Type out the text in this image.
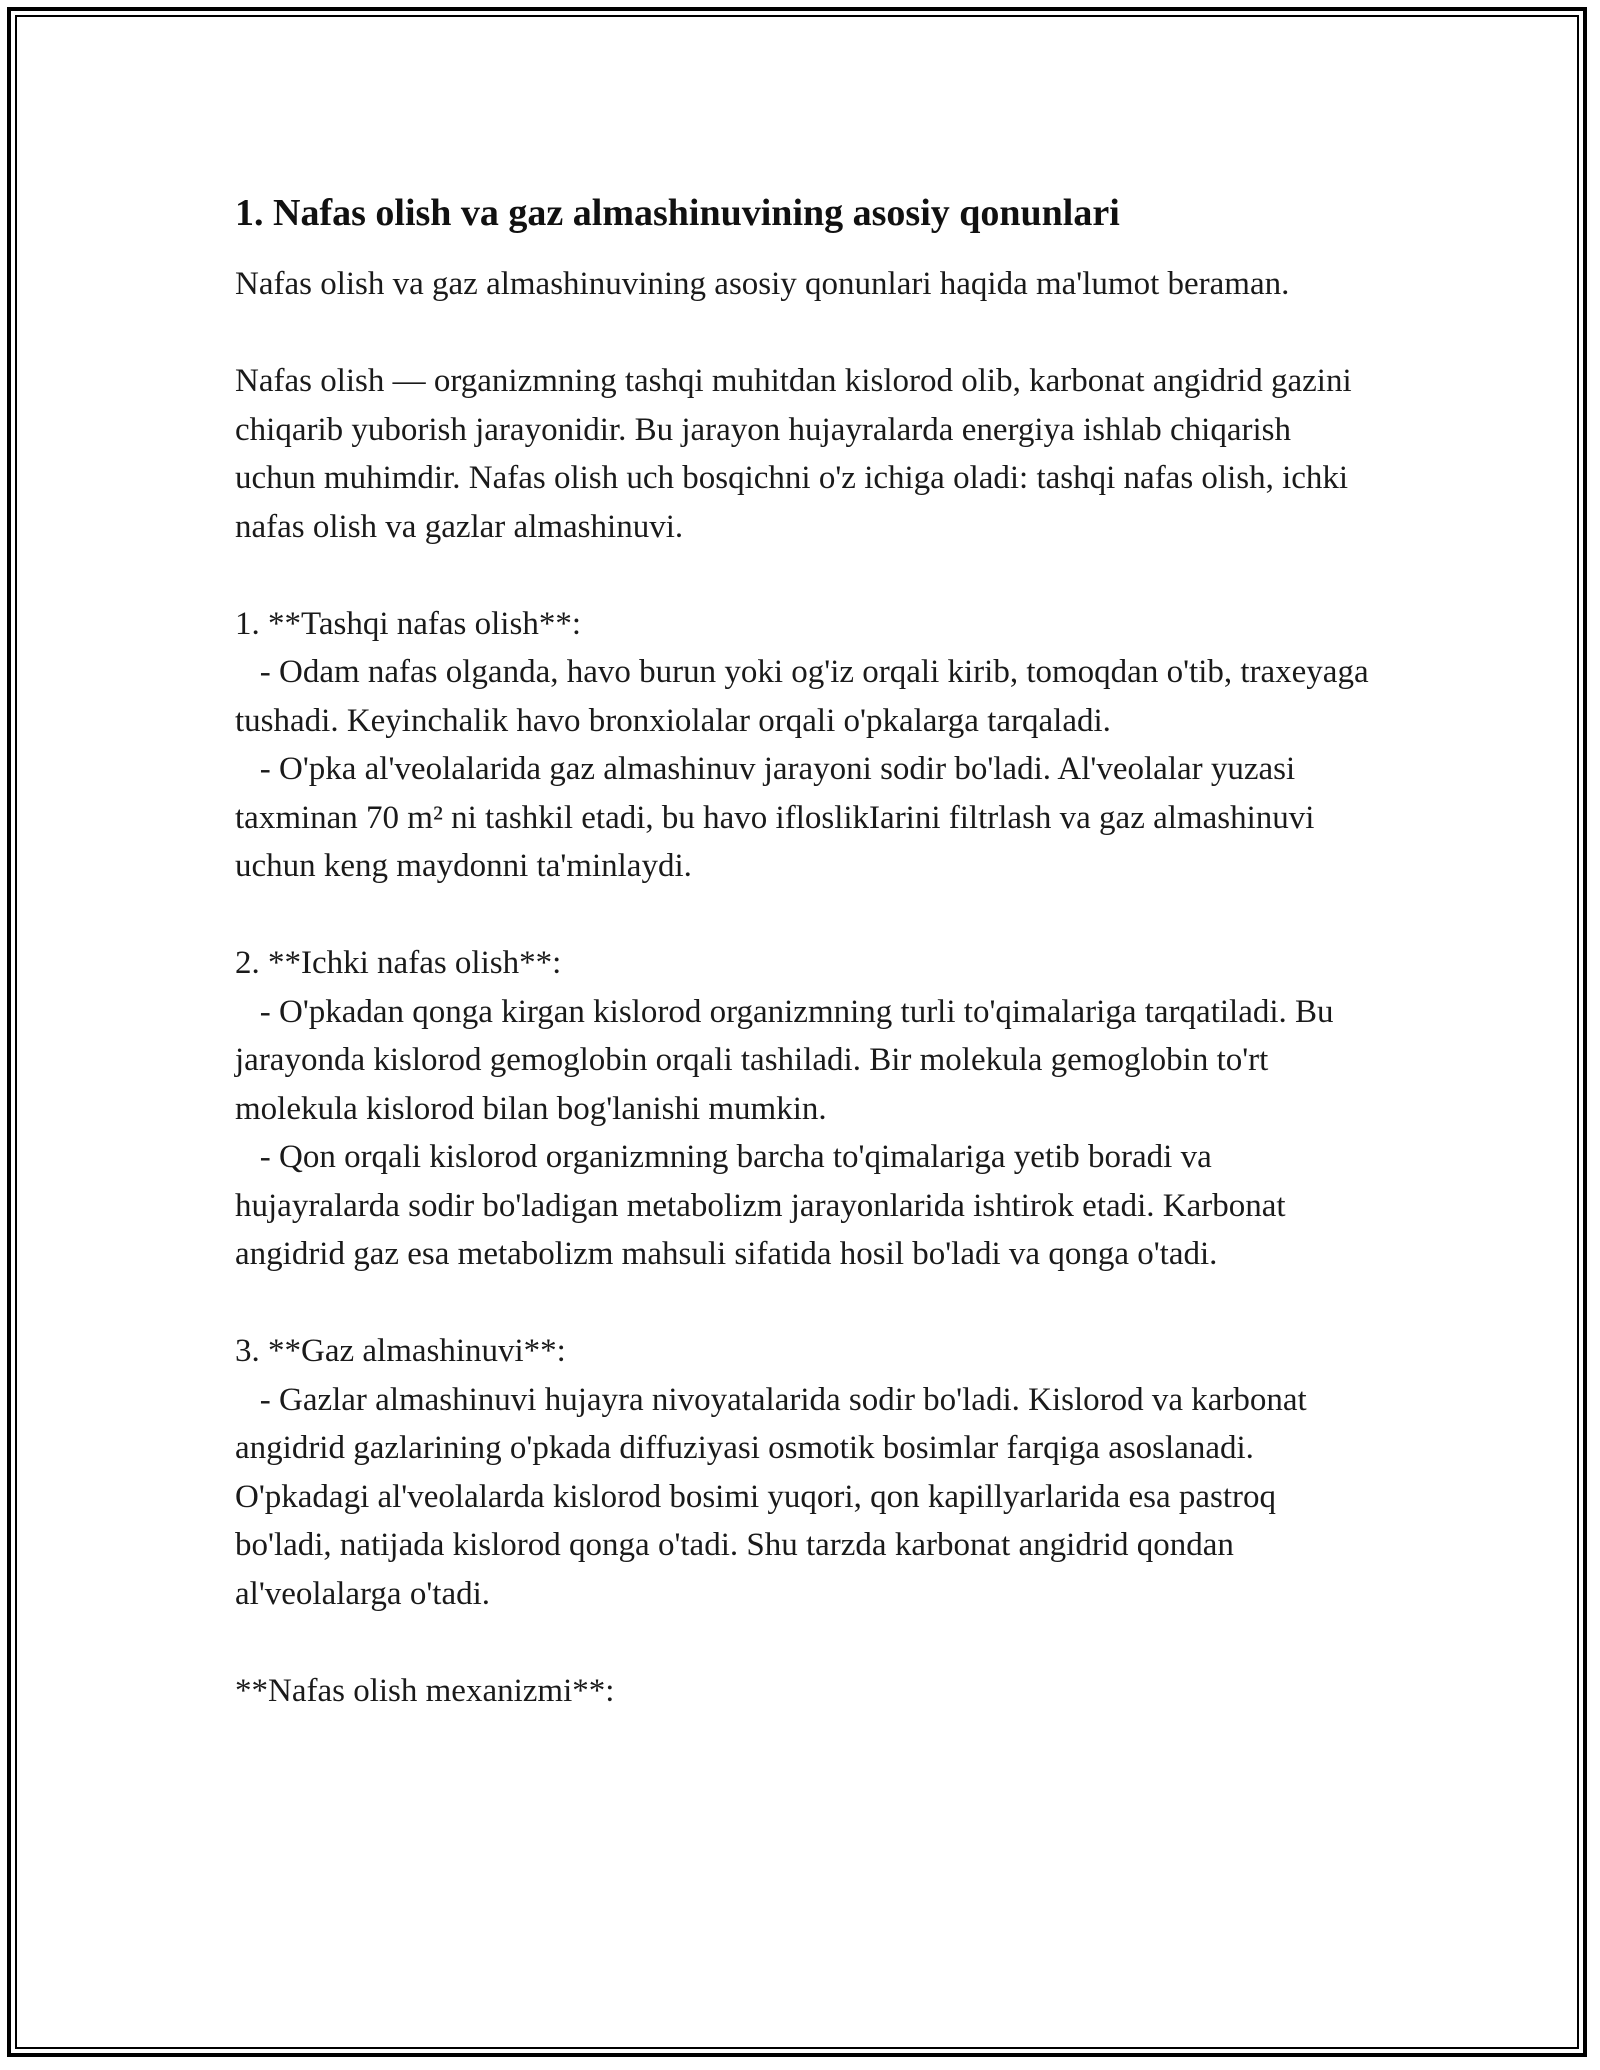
1. Nafas olish va gaz almashinuvining asosiy qonunlari

Nafas olish va gaz almashinuvining asosiy qonunlari haqida ma'lumot beraman.

Nafas olish — organizmning tashqi muhitdan kislorod olib, karbonat angidrid gazini chiqarib yuborish jarayonidir. Bu jarayon hujayralarda energiya ishlab chiqarish uchun muhimdir. Nafas olish uch bosqichni o'z ichiga oladi: tashqi nafas olish, ichki nafas olish va gazlar almashinuvi.

1. **Tashqi nafas olish**:

- Odam nafas olganda, havo burun yoki og'iz orqali kirib, tomoqdan o'tib, traxeyaga tushadi. Keyinchalik havo bronxiolalar orqali o'pkalarga tarqaladi.

- O'pka al'veolalarida gaz almashinuv jarayoni sodir bo'ladi. Al'veolalar yuzasi taxminan 70 m² ni tashkil etadi, bu havo ifloslikIarini filtrlash va gaz almashinuvi uchun keng maydonni ta'minlaydi.

2. **Ichki nafas olish**:

- O'pkadan qonga kirgan kislorod organizmning turli to'qimalariga tarqatiladi. Bu jarayonda kislorod gemoglobin orqali tashiladi. Bir molekula gemoglobin to'rt molekula kislorod bilan bog'lanishi mumkin.

- Qon orqali kislorod organizmning barcha to'qimalariga yetib boradi va hujayralarda sodir bo'ladigan metabolizm jarayonlarida ishtirok etadi. Karbonat angidrid gaz esa metabolizm mahsuli sifatida hosil bo'ladi va qonga o'tadi.

3. **Gaz almashinuvi**:

- Gazlar almashinuvi hujayra nivoyatalarida sodir bo'ladi. Kislorod va karbonat angidrid gazlarining o'pkada diffuziyasi osmotik bosimlar farqiga asoslanadi. O'pkadagi al'veolalarda kislorod bosimi yuqori, qon kapillyarlarida esa pastroq bo'ladi, natijada kislorod qonga o'tadi. Shu tarzda karbonat angidrid qondan al'veolalarga o'tadi.

**Nafas olish mexanizmi**:
